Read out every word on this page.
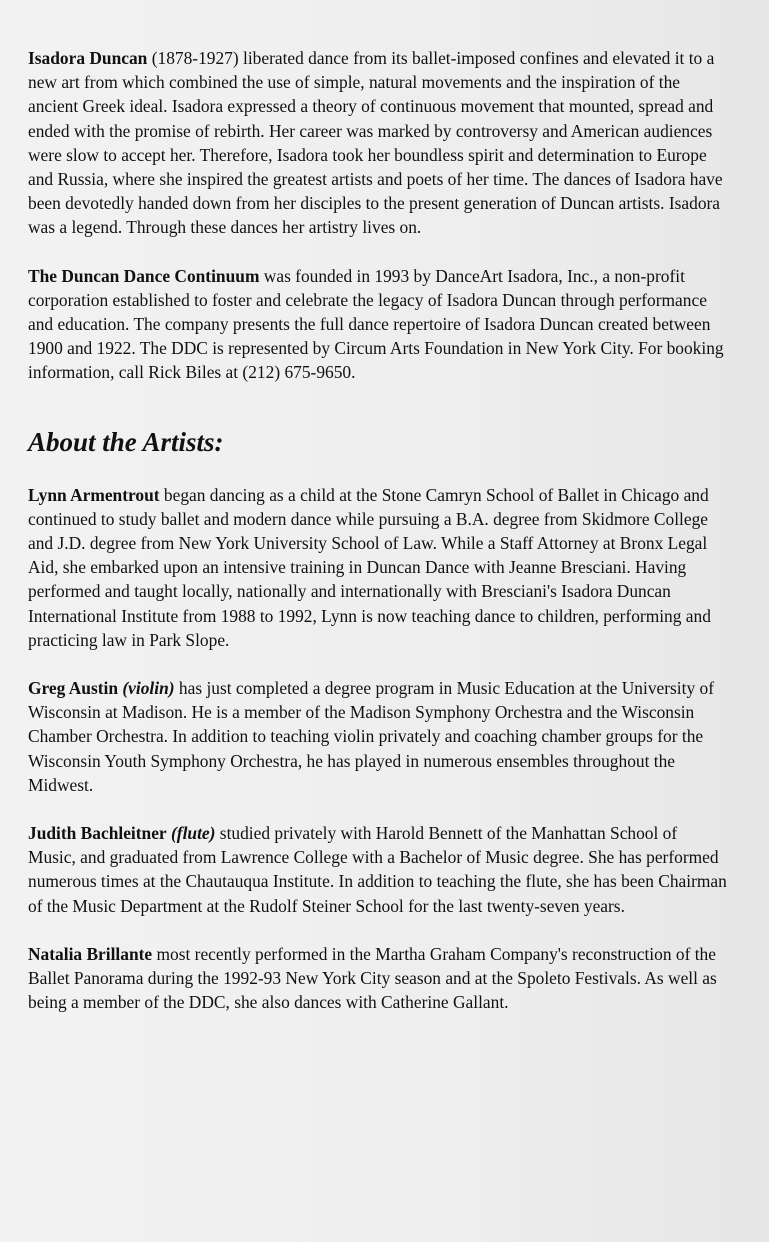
Isadora Duncan (1878-1927) liberated dance from its ballet-imposed confines and elevated it to a new art from which combined the use of simple, natural movements and the inspiration of the ancient Greek ideal. Isadora expressed a theory of continuous movement that mounted, spread and ended with the promise of rebirth. Her career was marked by controversy and American audiences were slow to accept her. Therefore, Isadora took her boundless spirit and determination to Europe and Russia, where she inspired the greatest artists and poets of her time. The dances of Isadora have been devotedly handed down from her disciples to the present generation of Duncan artists. Isadora was a legend. Through these dances her artistry lives on.

The Duncan Dance Continuum was founded in 1993 by DanceArt Isadora, Inc., a non-profit corporation established to foster and celebrate the legacy of Isadora Duncan through performance and education. The company presents the full dance repertoire of Isadora Duncan created between 1900 and 1922. The DDC is represented by Circum Arts Foundation in New York City. For booking information, call Rick Biles at (212) 675-9650.

About the Artists:

Lynn Armentrout began dancing as a child at the Stone Camryn School of Ballet in Chicago and continued to study ballet and modern dance while pursuing a B.A. degree from Skidmore College and J.D. degree from New York University School of Law. While a Staff Attorney at Bronx Legal Aid, she embarked upon an intensive training in Duncan Dance with Jeanne Bresciani. Having performed and taught locally, nationally and internationally with Bresciani's Isadora Duncan International Institute from 1988 to 1992, Lynn is now teaching dance to children, performing and practicing law in Park Slope.

Greg Austin (violin) has just completed a degree program in Music Education at the University of Wisconsin at Madison. He is a member of the Madison Symphony Orchestra and the Wisconsin Chamber Orchestra. In addition to teaching violin privately and coaching chamber groups for the Wisconsin Youth Symphony Orchestra, he has played in numerous ensembles throughout the Midwest.

Judith Bachleitner (flute) studied privately with Harold Bennett of the Manhattan School of Music, and graduated from Lawrence College with a Bachelor of Music degree. She has performed numerous times at the Chautauqua Institute. In addition to teaching the flute, she has been Chairman of the Music Department at the Rudolf Steiner School for the last twenty-seven years.

Natalia Brillante most recently performed in the Martha Graham Company's reconstruction of the Ballet Panorama during the 1992-93 New York City season and at the Spoleto Festivals. As well as being a member of the DDC, she also dances with Catherine Gallant.
